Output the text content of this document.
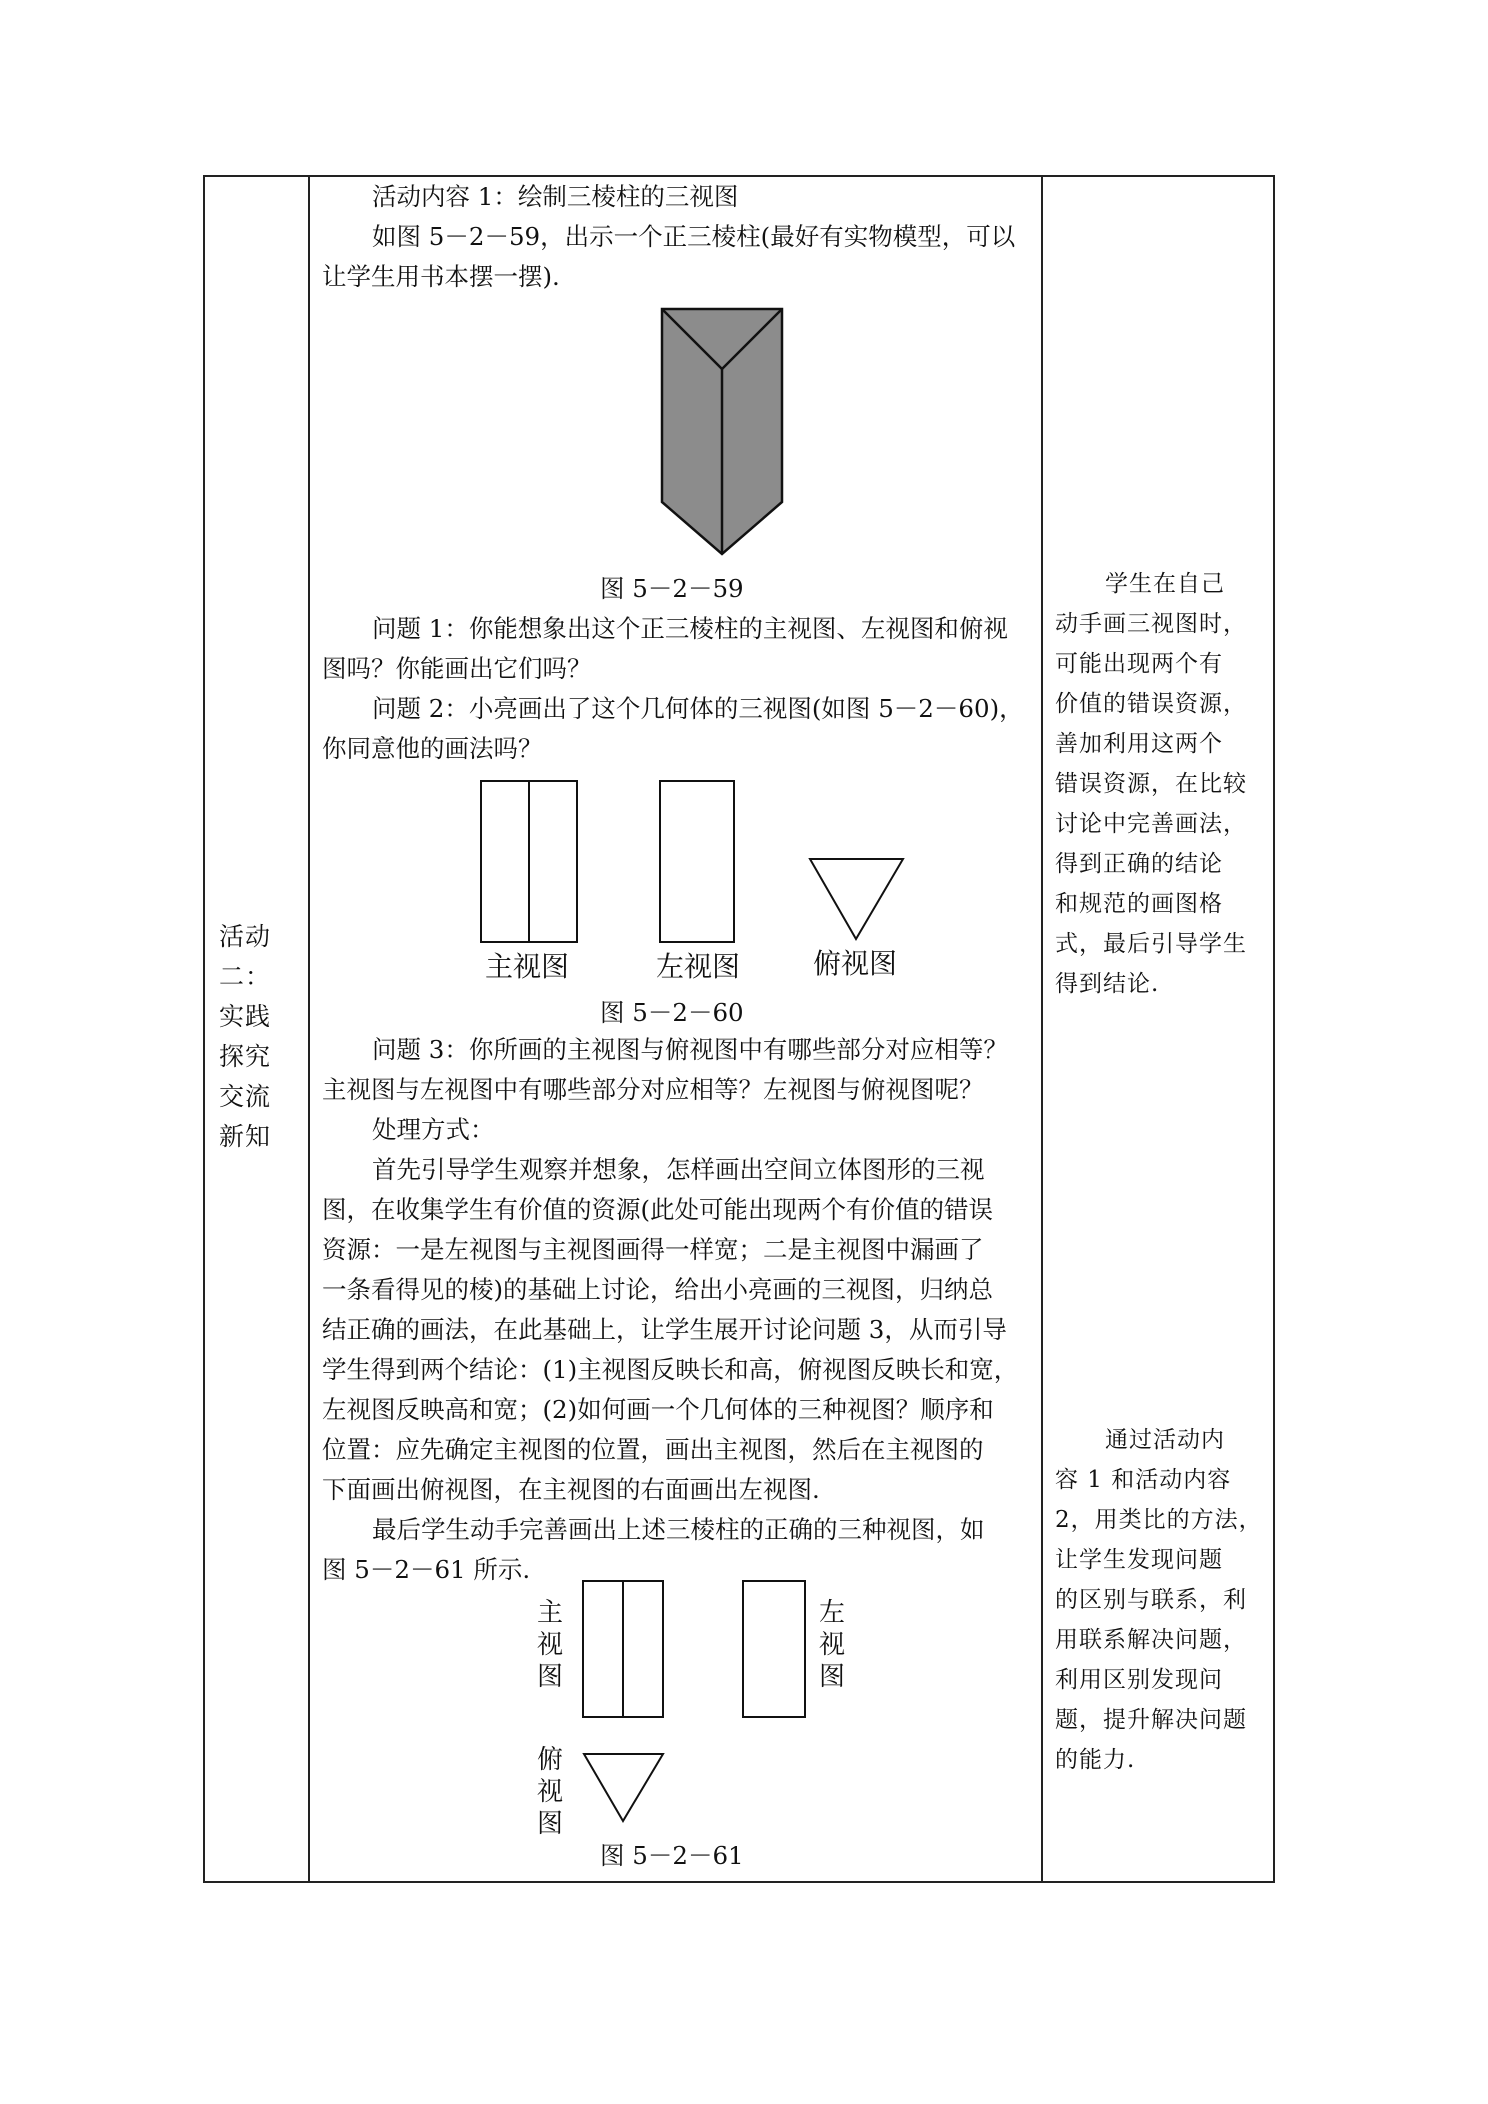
活动
二：
实践
探究
交流
新知
活动内容 1：绘制三棱柱的三视图
如图 5－2－59，出示一个正三棱柱(最好有实物模型，可以
让学生用书本摆一摆).
图 5－2－59
问题 1：你能想象出这个正三棱柱的主视图、左视图和俯视
图吗？你能画出它们吗？
问题 2：小亮画出了这个几何体的三视图(如图 5－2－60)，
你同意他的画法吗？
主视图	左视图	俯视图
图 5－2－60
问题 3：你所画的主视图与俯视图中有哪些部分对应相等？
主视图与左视图中有哪些部分对应相等？左视图与俯视图呢？
处理方式：
首先引导学生观察并想象，怎样画出空间立体图形的三视
图，在收集学生有价值的资源(此处可能出现两个有价值的错误
资源：一是左视图与主视图画得一样宽；二是主视图中漏画了
一条看得见的棱)的基础上讨论，给出小亮画的三视图，归纳总
结正确的画法，在此基础上，让学生展开讨论问题 3，从而引导
学生得到两个结论：(1)主视图反映长和高，俯视图反映长和宽，
左视图反映高和宽；(2)如何画一个几何体的三种视图？顺序和
位置：应先确定主视图的位置，画出主视图，然后在主视图的
下面画出俯视图，在主视图的右面画出左视图.
最后学生动手完善画出上述三棱柱的正确的三种视图，如
图 5－2－61 所示.
主
视
图
左
视
图
俯
视
图
图 5－2－61
学生在自己
动手画三视图时，
可能出现两个有
价值的错误资源，
善加利用这两个
错误资源，在比较
讨论中完善画法，
得到正确的结论
和规范的画图格
式，最后引导学生
得到结论.
通过活动内
容 1 和活动内容
2，用类比的方法，
让学生发现问题
的区别与联系，利
用联系解决问题，
利用区别发现问
题，提升解决问题
的能力.
